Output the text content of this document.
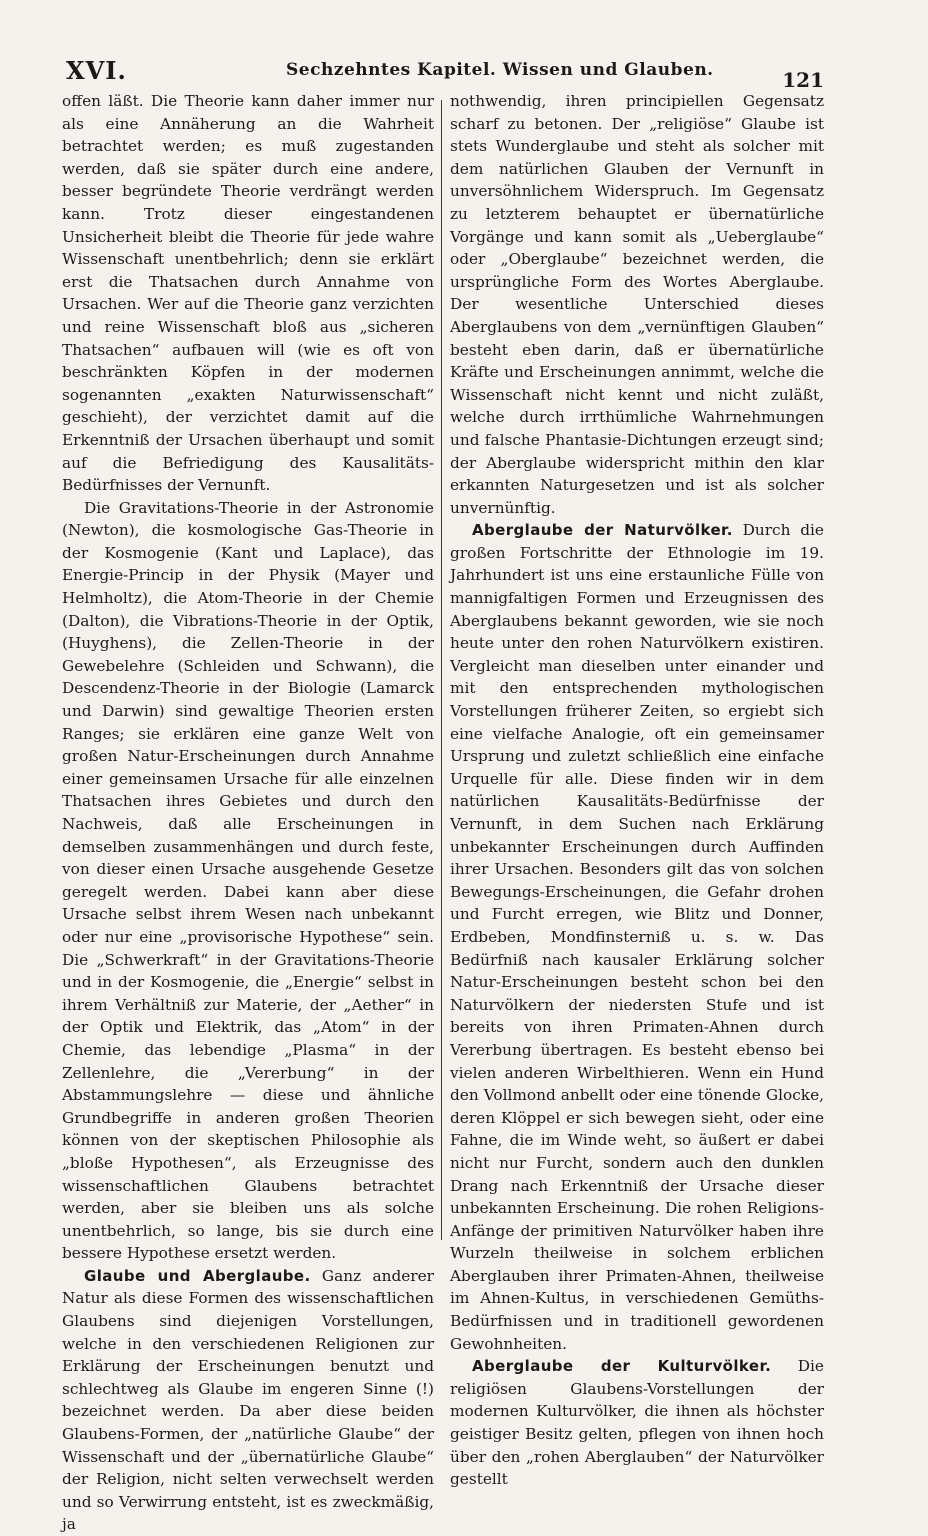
XVI.	Sechzehntes Kapitel. Wissen und Glauben.	121

offen läßt. Die Theorie kann daher immer nur als eine Annäherung an die Wahrheit betrachtet werden; es muß zugestanden werden, daß sie später durch eine andere, besser begründete Theorie verdrängt werden kann. Trotz dieser eingestandenen Unsicherheit bleibt die Theorie für jede wahre Wissenschaft unentbehrlich; denn sie erklärt erst die Thatsachen durch Annahme von Ursachen. Wer auf die Theorie ganz verzichten und reine Wissenschaft bloß aus „sicheren Thatsachen“ aufbauen will (wie es oft von beschränkten Köpfen in der modernen sogenannten „exakten Naturwissenschaft“ geschieht), der verzichtet damit auf die Erkenntniß der Ursachen überhaupt und somit auf die Befriedigung des Kausalitäts-Bedürfnisses der Vernunft.

Die Gravitations-Theorie in der Astronomie (Newton), die kosmologische Gas-Theorie in der Kosmogenie (Kant und Laplace), das Energie-Princip in der Physik (Mayer und Helmholtz), die Atom-Theorie in der Chemie (Dalton), die Vibrations-Theorie in der Optik, (Huyghens), die Zellen-Theorie in der Gewebelehre (Schleiden und Schwann), die Descendenz-Theorie in der Biologie (Lamarck und Darwin) sind gewaltige Theorien ersten Ranges; sie erklären eine ganze Welt von großen Natur-Erscheinungen durch Annahme einer gemeinsamen Ursache für alle einzelnen Thatsachen ihres Gebietes und durch den Nachweis, daß alle Erscheinungen in demselben zusammenhängen und durch feste, von dieser einen Ursache ausgehende Gesetze geregelt werden. Dabei kann aber diese Ursache selbst ihrem Wesen nach unbekannt oder nur eine „provisorische Hypothese“ sein. Die „Schwerkraft“ in der Gravitations-Theorie und in der Kosmogenie, die „Energie“ selbst in ihrem Verhältniß zur Materie, der „Aether“ in der Optik und Elektrik, das „Atom“ in der Chemie, das lebendige „Plasma“ in der Zellenlehre, die „Vererbung“ in der Abstammungslehre — diese und ähnliche Grundbegriffe in anderen großen Theorien können von der skeptischen Philosophie als „bloße Hypothesen“, als Erzeugnisse des wissenschaftlichen Glaubens betrachtet werden, aber sie bleiben uns als solche unentbehrlich, so lange, bis sie durch eine bessere Hypothese ersetzt werden.

Glaube und Aberglaube. Ganz anderer Natur als diese Formen des wissenschaftlichen Glaubens sind diejenigen Vorstellungen, welche in den verschiedenen Religionen zur Erklärung der Erscheinungen benutzt und schlechtweg als Glaube im engeren Sinne (!) bezeichnet werden. Da aber diese beiden Glaubens-Formen, der „natürliche Glaube“ der Wissenschaft und der „übernatürliche Glaube“ der Religion, nicht selten verwechselt werden und so Verwirrung entsteht, ist es zweckmäßig, ja

nothwendig, ihren principiellen Gegensatz scharf zu betonen. Der „religiöse“ Glaube ist stets Wunderglaube und steht als solcher mit dem natürlichen Glauben der Vernunft in unversöhnlichem Widerspruch. Im Gegensatz zu letzterem behauptet er übernatürliche Vorgänge und kann somit als „Ueberglaube“ oder „Oberglaube“ bezeichnet werden, die ursprüngliche Form des Wortes Aberglaube. Der wesentliche Unterschied dieses Aberglaubens von dem „vernünftigen Glauben“ besteht eben darin, daß er übernatürliche Kräfte und Erscheinungen annimmt, welche die Wissenschaft nicht kennt und nicht zuläßt, welche durch irrthümliche Wahrnehmungen und falsche Phantasie-Dichtungen erzeugt sind; der Aberglaube widerspricht mithin den klar erkannten Naturgesetzen und ist als solcher unvernünftig.

Aberglaube der Naturvölker. Durch die großen Fortschritte der Ethnologie im 19. Jahrhundert ist uns eine erstaunliche Fülle von mannigfaltigen Formen und Erzeugnissen des Aberglaubens bekannt geworden, wie sie noch heute unter den rohen Naturvölkern existiren. Vergleicht man dieselben unter einander und mit den entsprechenden mythologischen Vorstellungen früherer Zeiten, so ergiebt sich eine vielfache Analogie, oft ein gemeinsamer Ursprung und zuletzt schließlich eine einfache Urquelle für alle. Diese finden wir in dem natürlichen Kausalitäts-Bedürfnisse der Vernunft, in dem Suchen nach Erklärung unbekannter Erscheinungen durch Auffinden ihrer Ursachen. Besonders gilt das von solchen Bewegungs-Erscheinungen, die Gefahr drohen und Furcht erregen, wie Blitz und Donner, Erdbeben, Mondfinsterniß u. s. w. Das Bedürfniß nach kausaler Erklärung solcher Natur-Erscheinungen besteht schon bei den Naturvölkern der niedersten Stufe und ist bereits von ihren Primaten-Ahnen durch Vererbung übertragen. Es besteht ebenso bei vielen anderen Wirbelthieren. Wenn ein Hund den Vollmond anbellt oder eine tönende Glocke, deren Klöppel er sich bewegen sieht, oder eine Fahne, die im Winde weht, so äußert er dabei nicht nur Furcht, sondern auch den dunklen Drang nach Erkenntniß der Ursache dieser unbekannten Erscheinung. Die rohen Religions-Anfänge der primitiven Naturvölker haben ihre Wurzeln theilweise in solchem erblichen Aberglauben ihrer Primaten-Ahnen, theilweise im Ahnen-Kultus, in verschiedenen Gemüths-Bedürfnissen und in traditionell gewordenen Gewohnheiten.

Aberglaube der Kulturvölker. Die religiösen Glaubens-Vorstellungen der modernen Kulturvölker, die ihnen als höchster geistiger Besitz gelten, pflegen von ihnen hoch über den „rohen Aberglauben“ der Naturvölker gestellt
